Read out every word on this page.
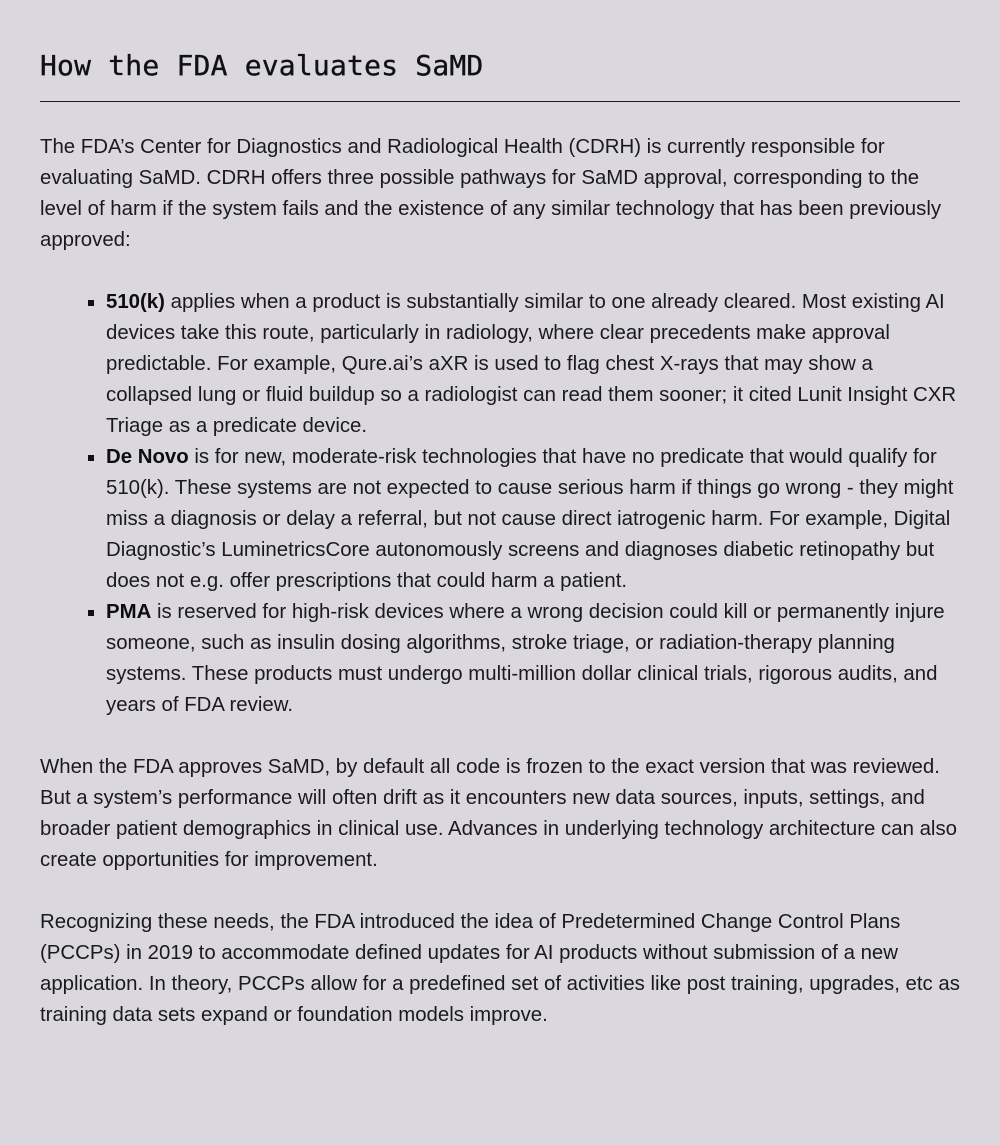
How the FDA evaluates SaMD

The FDA’s Center for Diagnostics and Radiological Health (CDRH) is currently responsible for evaluating SaMD. CDRH offers three possible pathways for SaMD approval, corresponding to the level of harm if the system fails and the existence of any similar technology that has been previously approved:

510(k) applies when a product is substantially similar to one already cleared. Most existing AI devices take this route, particularly in radiology, where clear precedents make approval predictable. For example, Qure.ai’s aXR is used to flag chest X-rays that may show a collapsed lung or fluid buildup so a radiologist can read them sooner; it cited Lunit Insight CXR Triage as a predicate device.
De Novo is for new, moderate-risk technologies that have no predicate that would qualify for 510(k). These systems are not expected to cause serious harm if things go wrong - they might miss a diagnosis or delay a referral, but not cause direct iatrogenic harm. For example, Digital Diagnostic’s LuminetricsCore autonomously screens and diagnoses diabetic retinopathy but does not e.g. offer prescriptions that could harm a patient.
PMA is reserved for high-risk devices where a wrong decision could kill or permanently injure someone, such as insulin dosing algorithms, stroke triage, or radiation-therapy planning systems. These products must undergo multi-million dollar clinical trials, rigorous audits, and years of FDA review.

When the FDA approves SaMD, by default all code is frozen to the exact version that was reviewed. But a system’s performance will often drift as it encounters new data sources, inputs, settings, and broader patient demographics in clinical use. Advances in underlying technology architecture can also create opportunities for improvement.

Recognizing these needs, the FDA introduced the idea of Predetermined Change Control Plans (PCCPs) in 2019 to accommodate defined updates for AI products without submission of a new application. In theory, PCCPs allow for a predefined set of activities like post training, upgrades, etc as training data sets expand or foundation models improve.
